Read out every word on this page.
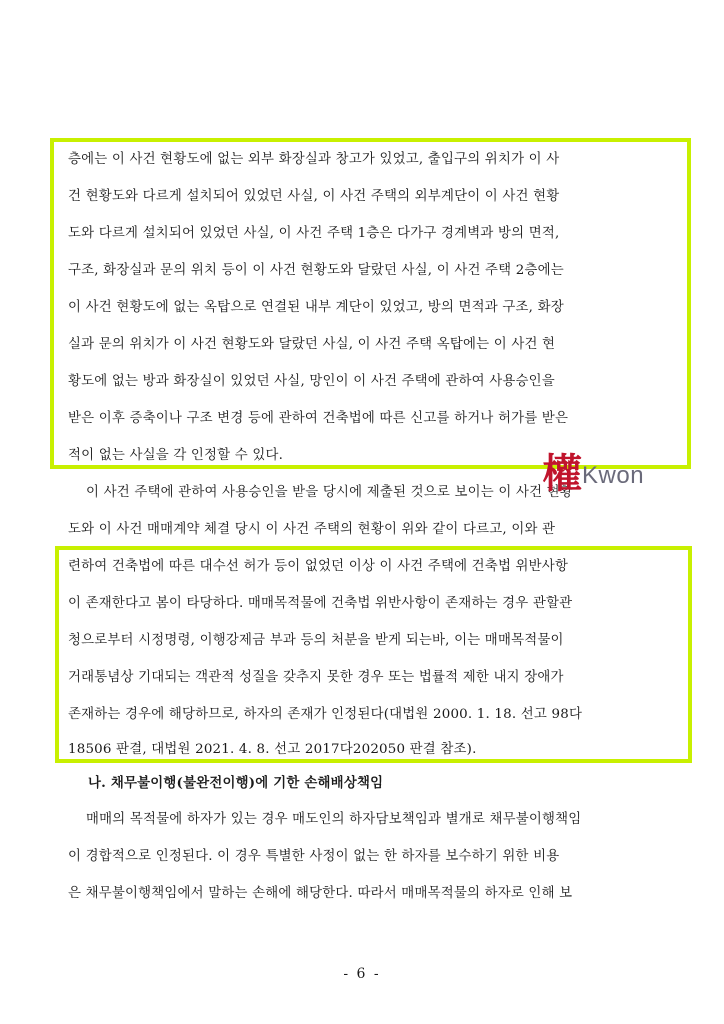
층에는 이 사건 현황도에 없는 외부 화장실과 창고가 있었고, 출입구의 위치가 이 사
건 현황도와 다르게 설치되어 있었던 사실, 이 사건 주택의 외부계단이 이 사건 현황
도와 다르게 설치되어 있었던 사실, 이 사건 주택 1층은 다가구 경계벽과 방의 면적,
구조, 화장실과 문의 위치 등이 이 사건 현황도와 달랐던 사실, 이 사건 주택 2층에는
이 사건 현황도에 없는 옥탑으로 연결된 내부 계단이 있었고, 방의 면적과 구조, 화장
실과 문의 위치가 이 사건 현황도와 달랐던 사실, 이 사건 주택 옥탑에는 이 사건 현
황도에 없는 방과 화장실이 있었던 사실, 망인이 이 사건 주택에 관하여 사용승인을
받은 이후 증축이나 구조 변경 등에 관하여 건축법에 따른 신고를 하거나 허가를 받은
적이 없는 사실을 각 인정할 수 있다.
이 사건 주택에 관하여 사용승인을 받을 당시에 제출된 것으로 보이는 이 사건 현황
도와 이 사건 매매계약 체결 당시 이 사건 주택의 현황이 위와 같이 다르고, 이와 관
련하여 건축법에 따른 대수선 허가 등이 없었던 이상 이 사건 주택에 건축법 위반사항
이 존재한다고 봄이 타당하다. 매매목적물에 건축법 위반사항이 존재하는 경우 관할관
청으로부터 시정명령, 이행강제금 부과 등의 처분을 받게 되는바, 이는 매매목적물이
거래통념상 기대되는 객관적 성질을 갖추지 못한 경우 또는 법률적 제한 내지 장애가
존재하는 경우에 해당하므로, 하자의 존재가 인정된다(대법원 2000. 1. 18. 선고 98다
18506 판결, 대법원 2021. 4. 8. 선고 2017다202050 판결 참조).
나. 채무불이행(불완전이행)에 기한 손해배상책임
매매의 목적물에 하자가 있는 경우 매도인의 하자담보책임과 별개로 채무불이행책임
이 경합적으로 인정된다. 이 경우 특별한 사정이 없는 한 하자를 보수하기 위한 비용
은 채무불이행책임에서 말하는 손해에 해당한다. 따라서 매매목적물의 하자로 인해 보
權 Kwon
- 6 -
